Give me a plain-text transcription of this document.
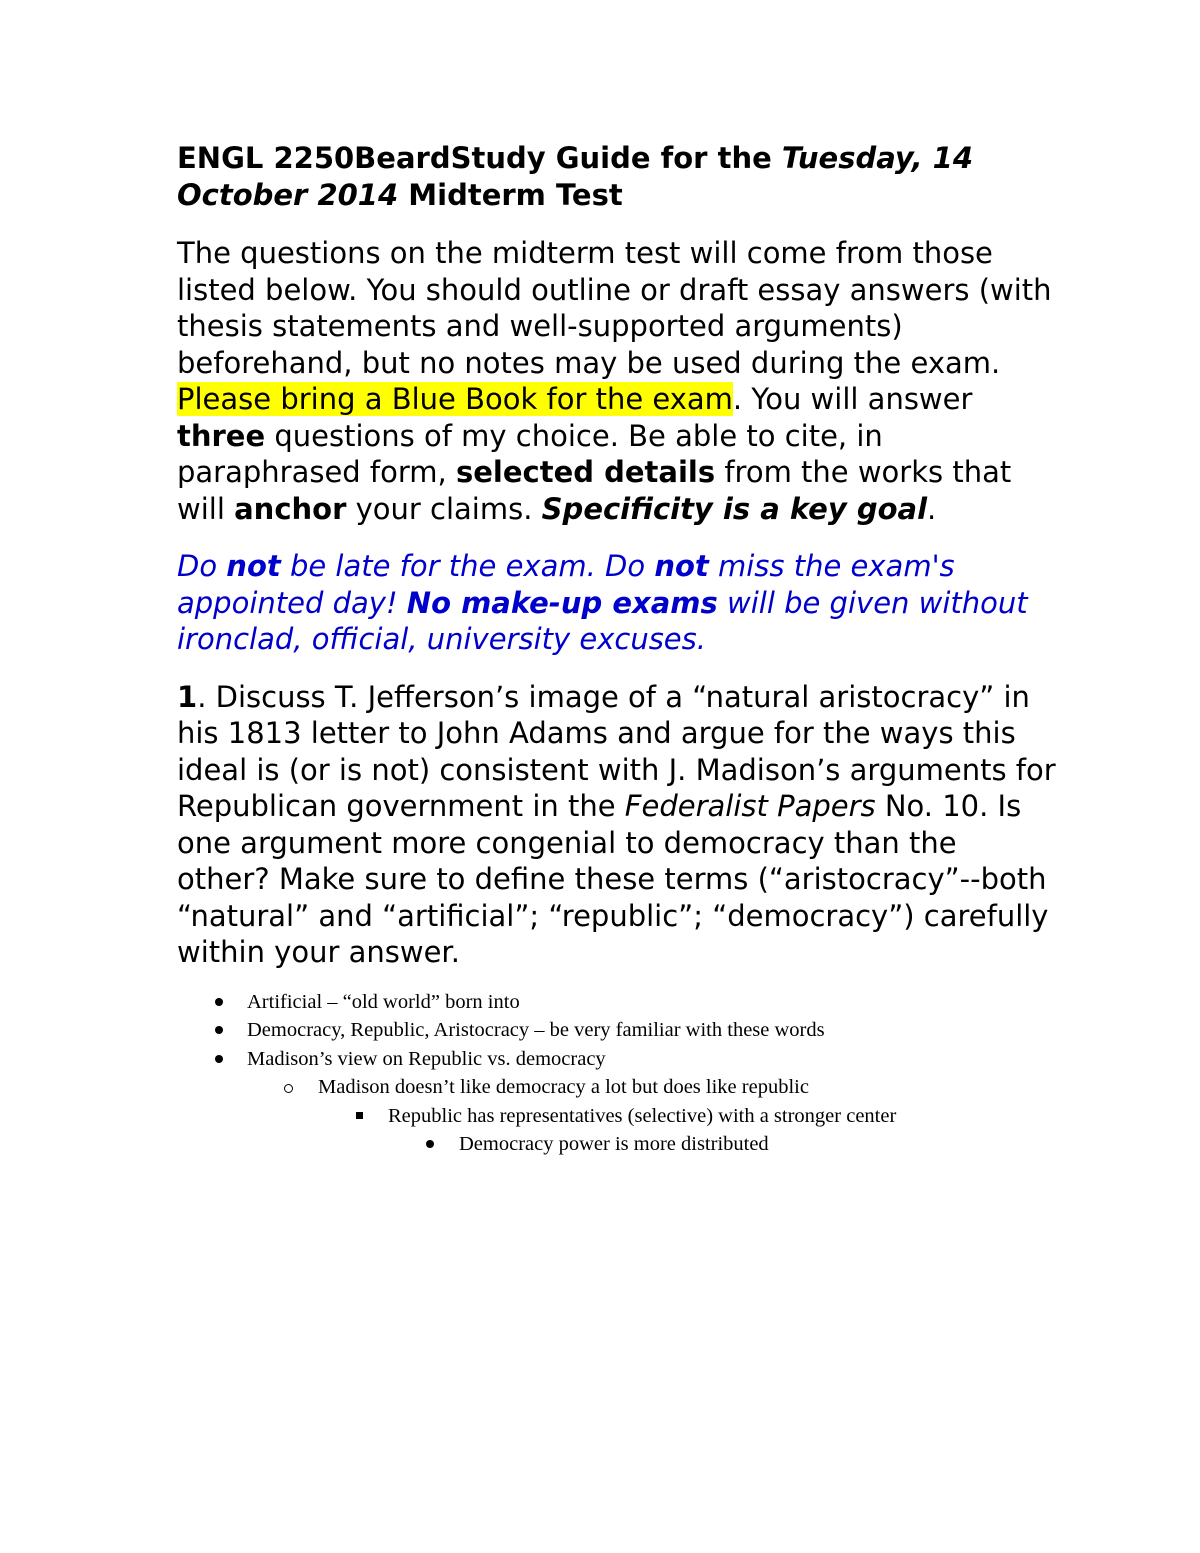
ENGL 2250BeardStudy Guide for the Tuesday, 14 October 2014 Midterm Test

The questions on the midterm test will come from those listed below. You should outline or draft essay answers (with thesis statements and well-supported arguments) beforehand, but no notes may be used during the exam. Please bring a Blue Book for the exam. You will answer three questions of my choice. Be able to cite, in paraphrased form, selected details from the works that will anchor your claims. Specificity is a key goal.

Do not be late for the exam. Do not miss the exam's appointed day! No make-up exams will be given without ironclad, official, university excuses.

1. Discuss T. Jefferson’s image of a “natural aristocracy” in his 1813 letter to John Adams and argue for the ways this ideal is (or is not) consistent with J. Madison’s arguments for Republican government in the Federalist Papers No. 10. Is one argument more congenial to democracy than the other? Make sure to define these terms (“aristocracy”--both “natural” and “artificial”; “republic”; “democracy”) carefully within your answer.

Artificial – “old world” born into
Democracy, Republic, Aristocracy – be very familiar with these words
Madison’s view on Republic vs. democracy
Madison doesn’t like democracy a lot but does like republic
Republic has representatives (selective) with a stronger center
Democracy power is more distributed
